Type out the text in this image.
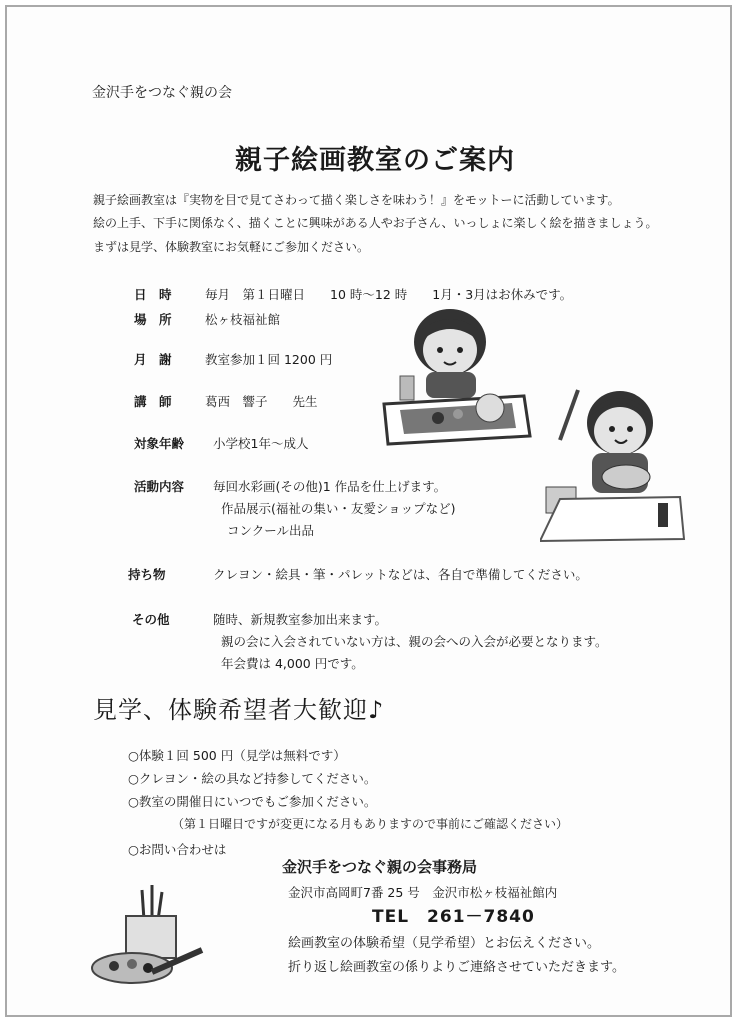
金沢手をつなぐ親の会
親子絵画教室のご案内
親子絵画教室は『実物を目で見てさわって描く楽しさを味わう！』をモットーに活動しています。
絵の上手、下手に関係なく、描くことに興味がある人やお子さん、いっしょに楽しく絵を描きましょう。
まずは見学、体験教室にお気軽にご参加ください。
日　時	毎月　第１日曜日　　10 時～12 時　　1月・3月はお休みです。
場　所	松ヶ枝福祉館
月　謝	教室参加１回 1200 円
講　師	葛西　響子　　先生
対象年齢 小学校1年～成人
活動内容 毎回水彩画(その他)1 作品を仕上げます。
作品展示(福祉の集い・友愛ショップなど)
コンクール出品
持ち物	クレヨン・絵具・筆・パレットなどは、各自で準備してください。
その他	随時、新規教室参加出来ます。
親の会に入会されていない方は、親の会への入会が必要となります。
年会費は 4,000 円です。
見学、体験希望者大歓迎♪
○体験１回 500 円（見学は無料です）
○クレヨン・絵の具など持参してください。
○教室の開催日にいつでもご参加ください。
（第１日曜日ですが変更になる月もありますので事前にご確認ください）
○お問い合わせは
金沢手をつなぐ親の会事務局
金沢市高岡町7番 25 号　金沢市松ヶ枝福祉館内
TEL　261－7840
絵画教室の体験希望（見学希望）とお伝えください。
折り返し絵画教室の係りよりご連絡させていただきます。
